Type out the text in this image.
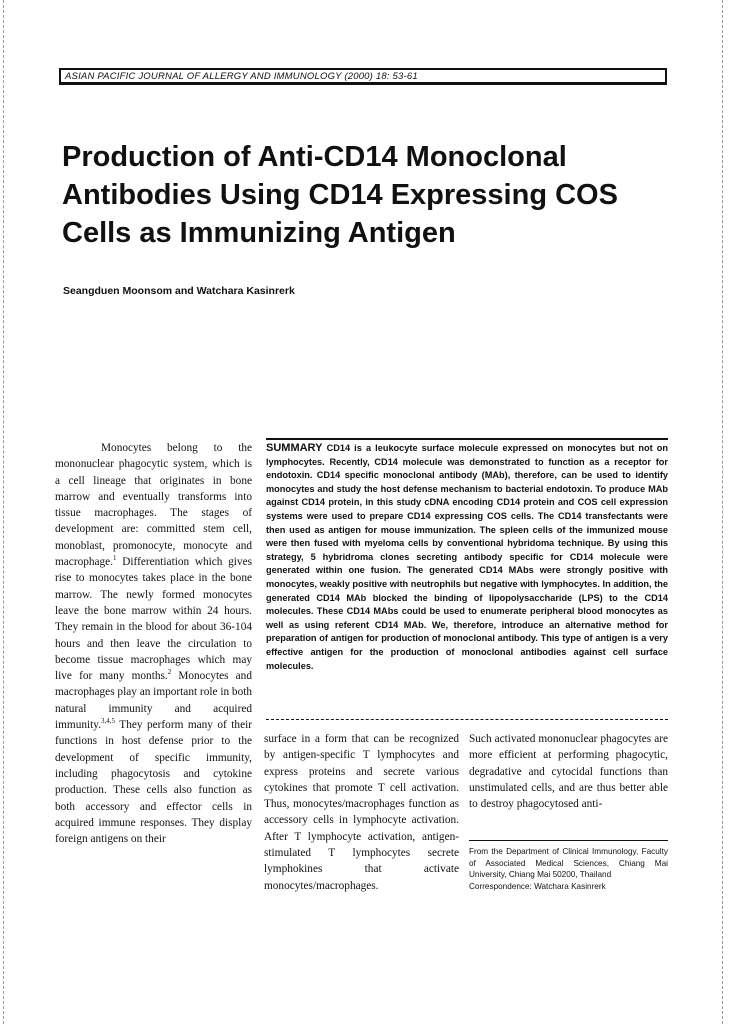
ASIAN PACIFIC JOURNAL OF ALLERGY AND IMMUNOLOGY (2000) 18: 53-61
Production of Anti-CD14 Monoclonal Antibodies Using CD14 Expressing COS Cells as Immunizing Antigen
Seangduen Moonsom and Watchara Kasinrerk
Monocytes belong to the mononuclear phagocytic system, which is a cell lineage that originates in bone marrow and eventually transforms into tissue macrophages. The stages of development are: committed stem cell, monoblast, promonocyte, monocyte and macrophage.$^1$ Differentiation which gives rise to monocytes takes place in the bone marrow. The newly formed monocytes leave the bone marrow within 24 hours. They remain in the blood for about 36-104 hours and then leave the circulation to become tissue macrophages which may live for many months.$^2$ Monocytes and macrophages play an important role in both natural immunity and acquired immunity.$^{3,4,5}$ They perform many of their functions in host defense prior to the development of specific immunity, including phagocytosis and cytokine production. These cells also function as both accessory and effector cells in acquired immune responses. They display foreign antigens on their
SUMMARY CD14 is a leukocyte surface molecule expressed on monocytes but not on lymphocytes. Recently, CD14 molecule was demonstrated to function as a receptor for endotoxin. CD14 specific monoclonal antibody (MAb), therefore, can be used to identify monocytes and study the host defense mechanism to bacterial endotoxin. To produce MAb against CD14 protein, in this study cDNA encoding CD14 protein and COS cell expression systems were used to prepare CD14 expressing COS cells. The CD14 transfectants were then used as antigen for mouse immunization. The spleen cells of the immunized mouse were then fused with myeloma cells by conventional hybridoma technique. By using this strategy, 5 hybridroma clones secreting antibody specific for CD14 molecule were generated within one fusion. The generated CD14 MAbs were strongly positive with monocytes, weakly positive with neutrophils but negative with lymphocytes. In addition, the generated CD14 MAb blocked the binding of lipopolysaccharide (LPS) to the CD14 molecules. These CD14 MAbs could be used to enumerate peripheral blood monocytes as well as using referent CD14 MAb. We, therefore, introduce an alternative method for preparation of antigen for production of monoclonal antibody. This type of antigen is a very effective antigen for the production of monoclonal antibodies against cell surface molecules.
surface in a form that can be recognized by antigen-specific T lymphocytes and express proteins and secrete various cytokines that promote T cell activation. Thus, monocytes/macrophages function as accessory cells in lymphocyte activation. After T lymphocyte activation, antigen-stimulated T lymphocytes secrete lymphokines that activate monocytes/macrophages.
Such activated mononuclear phagocytes are more efficient at performing phagocytic, degradative and cytocidal functions than unstimulated cells, and are thus better able to destroy phagocytosed anti-
From the Department of Clinical Immunology, Faculty of Associated Medical Sciences, Chiang Mai University, Chiang Mai 50200, Thailand
Correspondence: Watchara Kasinrerk
